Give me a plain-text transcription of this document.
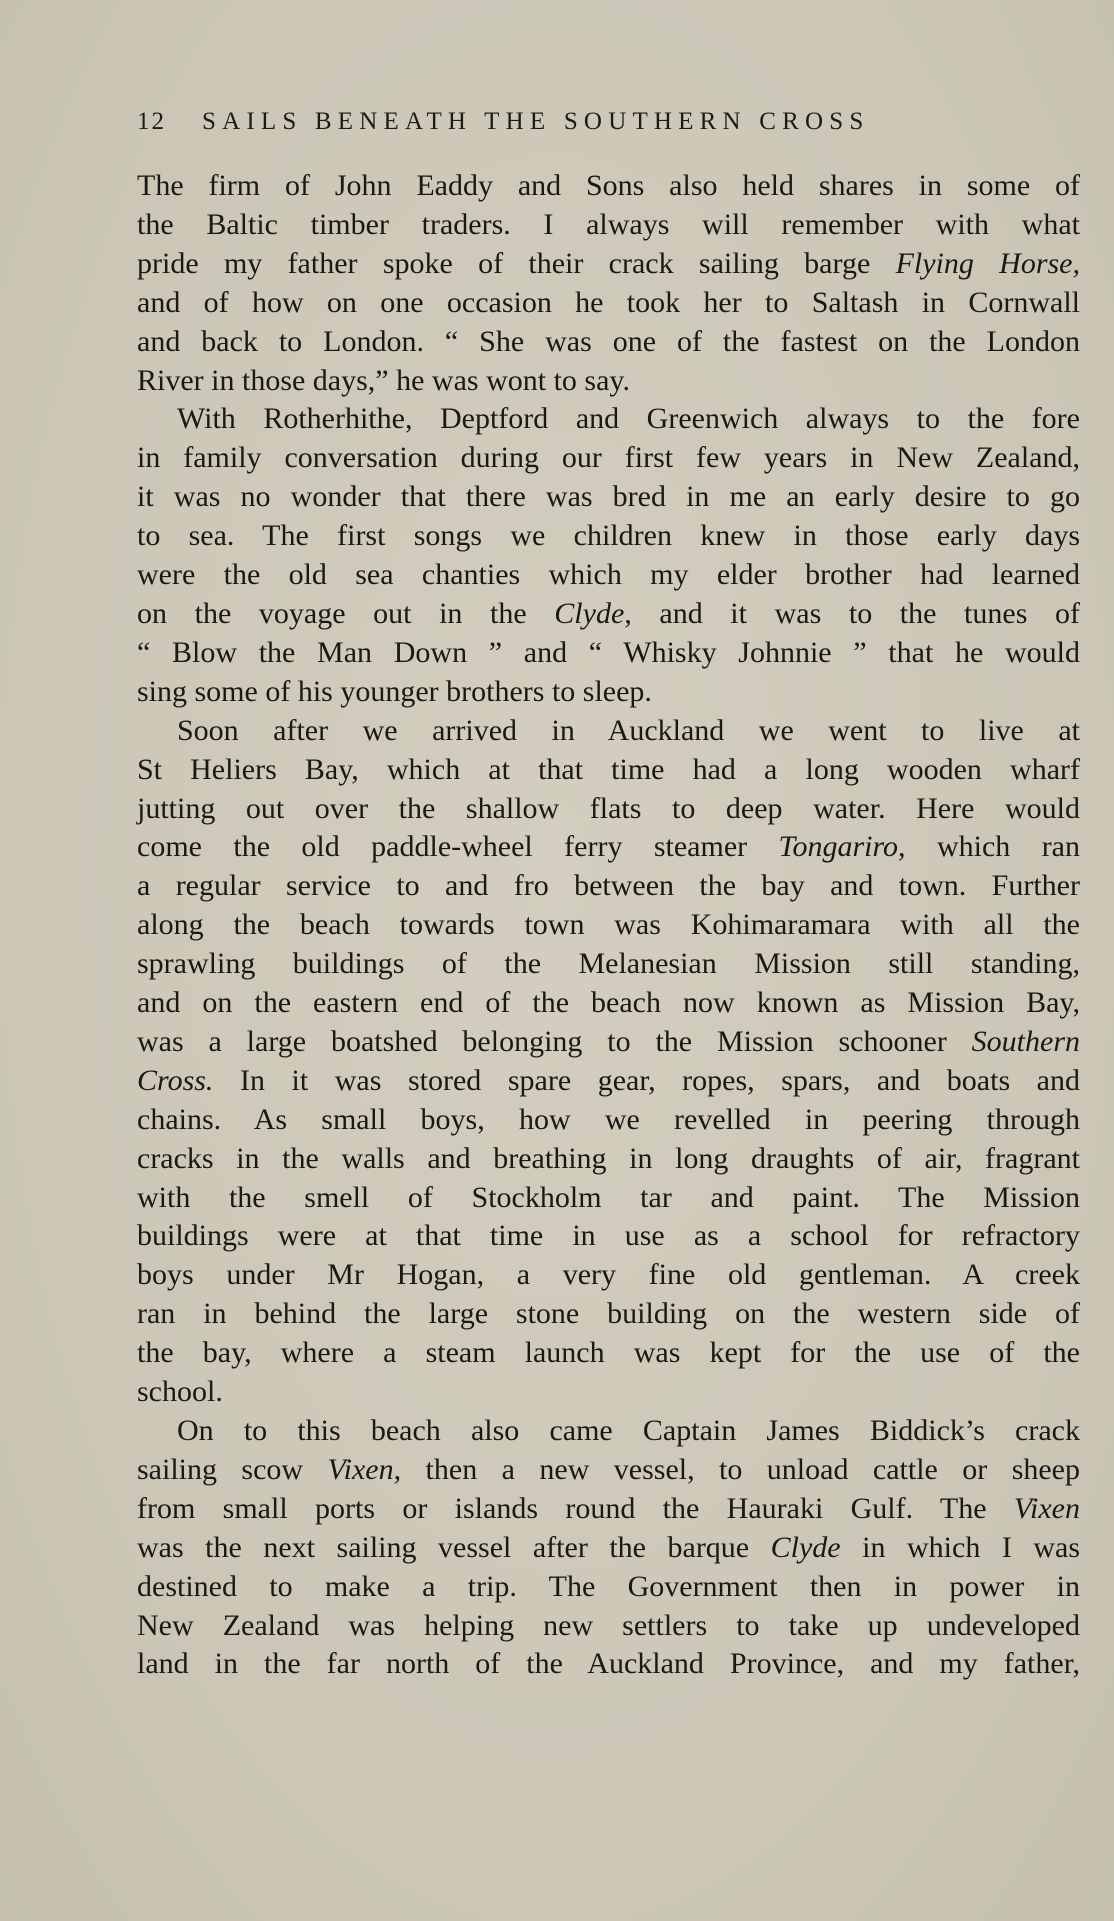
12 SAILS BENEATH THE SOUTHERN CROSS

The firm of John Eaddy and Sons also held shares in some of

the Baltic timber traders. I always will remember with what

pride my father spoke of their crack sailing barge Flying Horse,

and of how on one occasion he took her to Saltash in Cornwall

and back to London. “ She was one of the fastest on the London

River in those days,” he was wont to say.

With Rotherhithe, Deptford and Greenwich always to the fore

in family conversation during our first few years in New Zealand,

it was no wonder that there was bred in me an early desire to go

to sea. The first songs we children knew in those early days

were the old sea chanties which my elder brother had learned

on the voyage out in the Clyde, and it was to the tunes of

“ Blow the Man Down ” and “ Whisky Johnnie ” that he would

sing some of his younger brothers to sleep.

Soon after we arrived in Auckland we went to live at

St Heliers Bay, which at that time had a long wooden wharf

jutting out over the shallow flats to deep water. Here would

come the old paddle-wheel ferry steamer Tongariro, which ran

a regular service to and fro between the bay and town. Further

along the beach towards town was Kohimaramara with all the

sprawling buildings of the Melanesian Mission still standing,

and on the eastern end of the beach now known as Mission Bay,

was a large boatshed belonging to the Mission schooner Southern

Cross. In it was stored spare gear, ropes, spars, and boats and

chains. As small boys, how we revelled in peering through

cracks in the walls and breathing in long draughts of air, fragrant

with the smell of Stockholm tar and paint. The Mission

buildings were at that time in use as a school for refractory

boys under Mr Hogan, a very fine old gentleman. A creek

ran in behind the large stone building on the western side of

the bay, where a steam launch was kept for the use of the

school.

On to this beach also came Captain James Biddick’s crack

sailing scow Vixen, then a new vessel, to unload cattle or sheep

from small ports or islands round the Hauraki Gulf. The Vixen

was the next sailing vessel after the barque Clyde in which I was

destined to make a trip. The Government then in power in

New Zealand was helping new settlers to take up undeveloped

land in the far north of the Auckland Province, and my father,
